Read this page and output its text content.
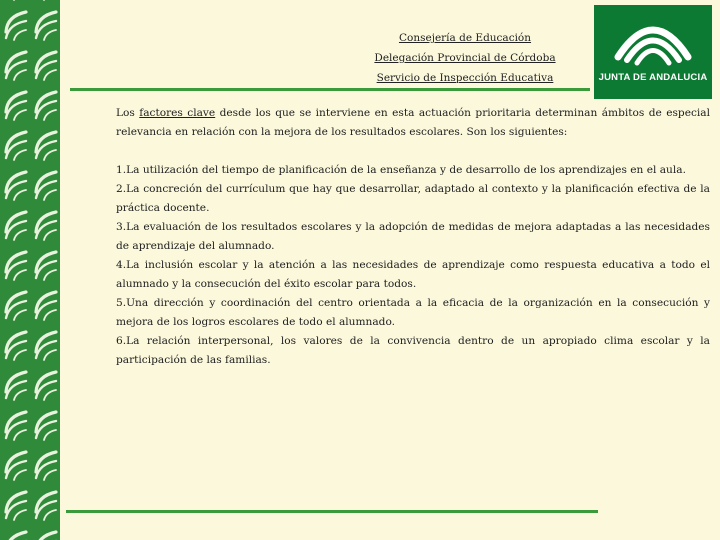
Consejería de Educación
Delegación Provincial de Córdoba
Servicio de Inspección Educativa	JUNTA DE ANDALUCIA

Los factores clave desde los que se interviene en esta actuación prioritaria determinan ámbitos de especial relevancia en relación con la mejora de los resultados escolares. Son los siguientes:

1.La utilización del tiempo de planificación de la enseñanza y de desarrollo de los aprendizajes en el aula.

2.La concreción del currículum que hay que desarrollar, adaptado al contexto y la planificación efectiva de la práctica docente.

3.La evaluación de los resultados escolares y la adopción de medidas de mejora adaptadas a las necesidades de aprendizaje del alumnado.

4.La inclusión escolar y la atención a las necesidades de aprendizaje como respuesta educativa a todo el alumnado y la consecución del éxito escolar para todos.

5.Una dirección y coordinación del centro orientada a la eficacia de la organización en la consecución y mejora de los logros escolares de todo el alumnado.

6.La relación interpersonal, los valores de la convivencia dentro de un apropiado clima escolar y la participación de las familias.
